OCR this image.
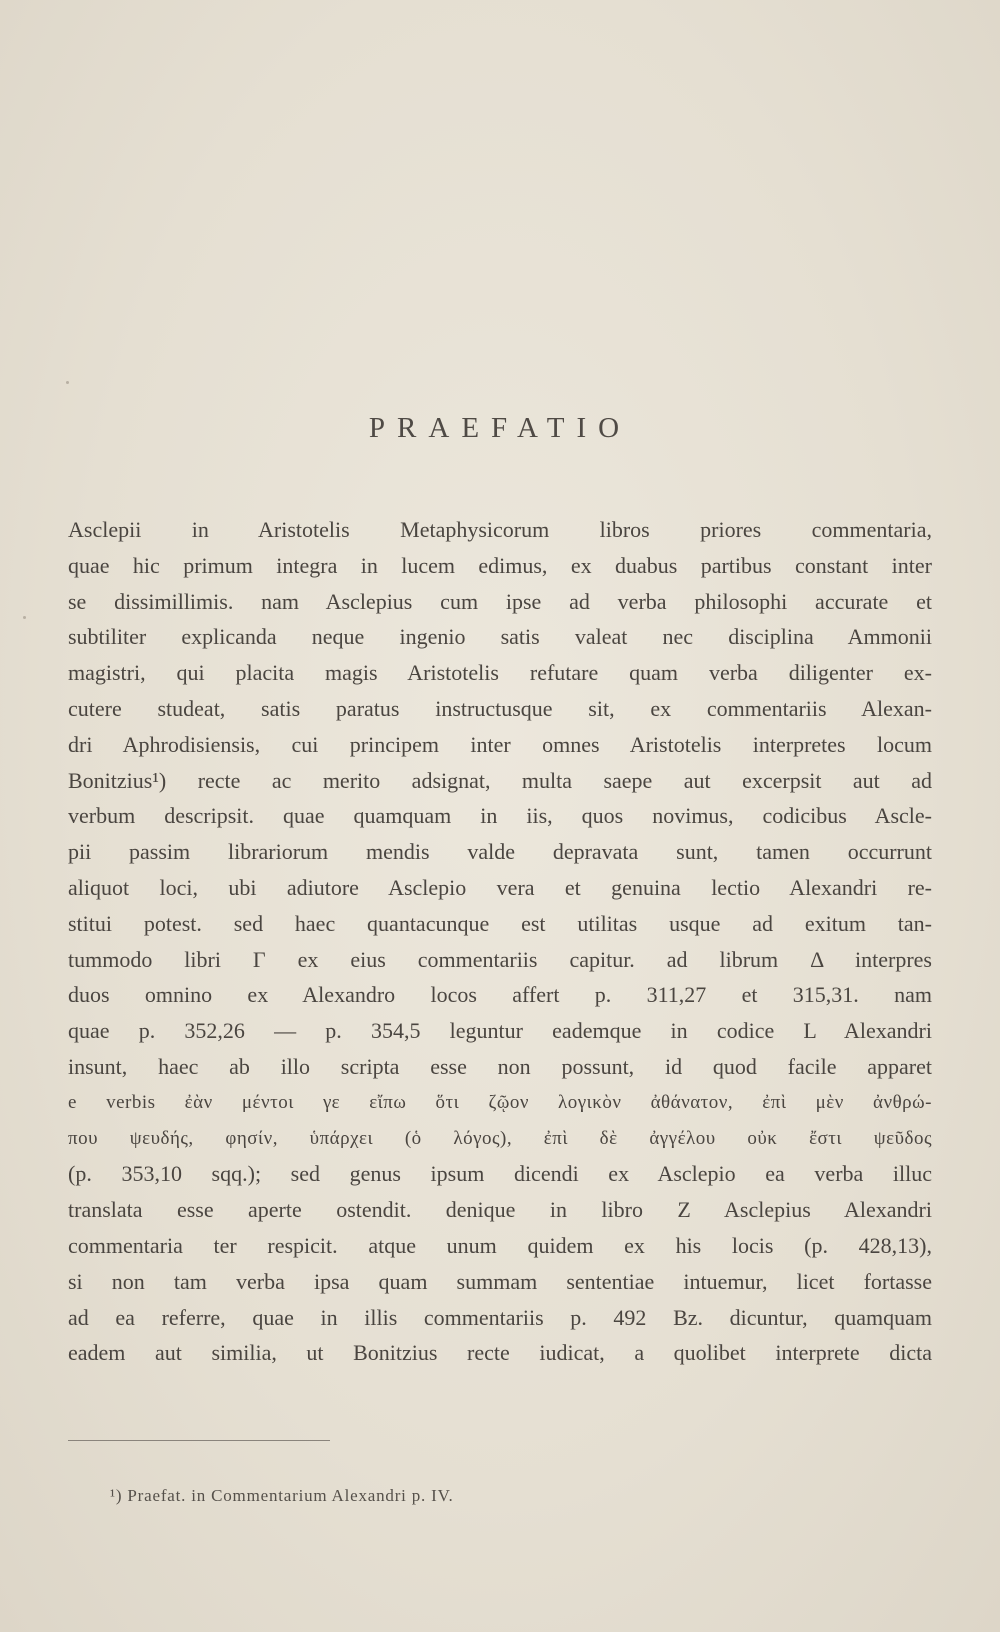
PRAEFATIO
Asclepii in Aristotelis Metaphysicorum libros priores commentaria,
quae hic primum integra in lucem edimus, ex duabus partibus constant inter
se dissimillimis. nam Asclepius cum ipse ad verba philosophi accurate et
subtiliter explicanda neque ingenio satis valeat nec disciplina Ammonii
magistri, qui placita magis Aristotelis refutare quam verba diligenter ex-
cutere studeat, satis paratus instructusque sit, ex commentariis Alexan-
dri Aphrodisiensis, cui principem inter omnes Aristotelis interpretes locum
Bonitzius¹) recte ac merito adsignat, multa saepe aut excerpsit aut ad
verbum descripsit. quae quamquam in iis, quos novimus, codicibus Ascle-
pii passim librariorum mendis valde depravata sunt, tamen occurrunt
aliquot loci, ubi adiutore Asclepio vera et genuina lectio Alexandri re-
stitui potest. sed haec quantacunque est utilitas usque ad exitum tan-
tummodo libri Γ ex eius commentariis capitur. ad librum Δ interpres
duos omnino ex Alexandro locos affert p. 311,27 et 315,31. nam
quae p. 352,26 — p. 354,5 leguntur eademque in codice L Alexandri
insunt, haec ab illo scripta esse non possunt, id quod facile apparet
e verbis ἐὰν μέντοι γε εἴπω ὅτι ζῷον λογικὸν ἀθάνατον, ἐπὶ μὲν ἀνθρώ-
που ψευδής, φησίν, ὑπάρχει (ὁ λόγος), ἐπὶ δὲ ἀγγέλου οὐκ ἔστι ψεῦδος
(p. 353,10 sqq.); sed genus ipsum dicendi ex Asclepio ea verba illuc
translata esse aperte ostendit. denique in libro Z Asclepius Alexandri
commentaria ter respicit. atque unum quidem ex his locis (p. 428,13),
si non tam verba ipsa quam summam sententiae intuemur, licet fortasse
ad ea referre, quae in illis commentariis p. 492 Bz. dicuntur, quamquam
eadem aut similia, ut Bonitzius recte iudicat, a quolibet interprete dicta
¹) Praefat. in Commentarium Alexandri p. IV.
